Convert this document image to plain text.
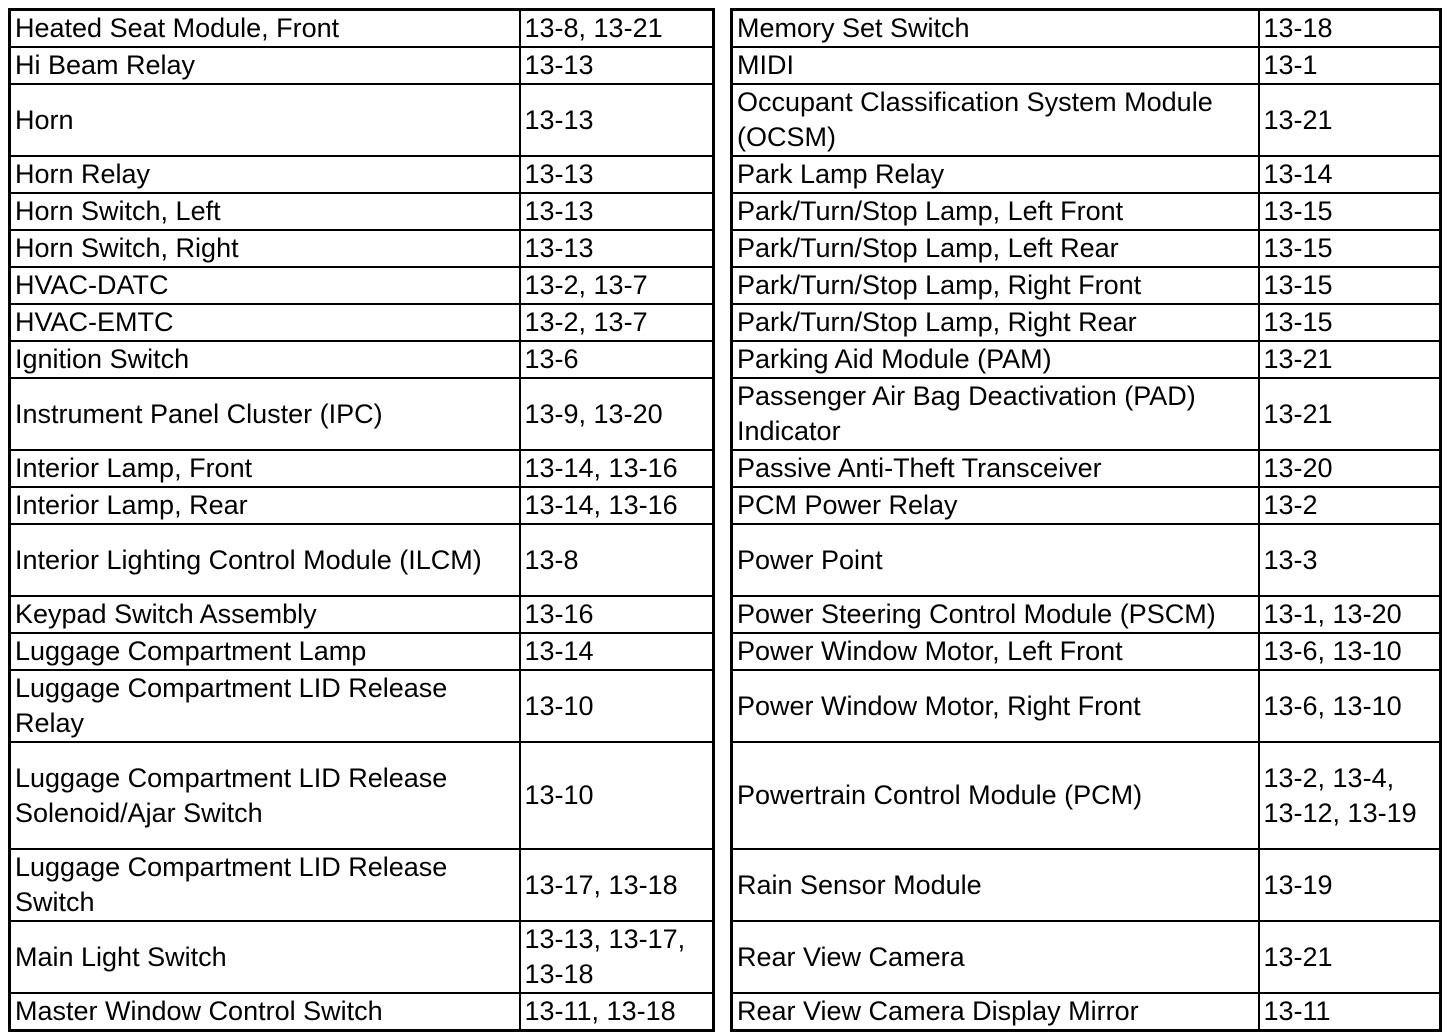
Heated Seat Module, Front	13-8, 13-21
Hi Beam Relay	13-13
Horn	13-13
Horn Relay	13-13
Horn Switch, Left	13-13
Horn Switch, Right	13-13
HVAC-DATC	13-2, 13-7
HVAC-EMTC	13-2, 13-7
Ignition Switch	13-6
Instrument Panel Cluster (IPC)	13-9, 13-20
Interior Lamp, Front	13-14, 13-16
Interior Lamp, Rear	13-14, 13-16
Interior Lighting Control Module (ILCM)	13-8
Keypad Switch Assembly	13-16
Luggage Compartment Lamp	13-14
Luggage Compartment LID Release Relay	13-10
Luggage Compartment LID Release Solenoid/Ajar Switch	13-10
Luggage Compartment LID Release Switch	13-17, 13-18
Main Light Switch	13-13, 13-17, 13-18
Master Window Control Switch	13-11, 13-18
Memory Set Switch	13-18
MIDI	13-1
Occupant Classification System Module (OCSM)	13-21
Park Lamp Relay	13-14
Park/Turn/Stop Lamp, Left Front	13-15
Park/Turn/Stop Lamp, Left Rear	13-15
Park/Turn/Stop Lamp, Right Front	13-15
Park/Turn/Stop Lamp, Right Rear	13-15
Parking Aid Module (PAM)	13-21
Passenger Air Bag Deactivation (PAD) Indicator	13-21
Passive Anti-Theft Transceiver	13-20
PCM Power Relay	13-2
Power Point	13-3
Power Steering Control Module (PSCM)	13-1, 13-20
Power Window Motor, Left Front	13-6, 13-10
Power Window Motor, Right Front	13-6, 13-10
Powertrain Control Module (PCM)	13-2, 13-4, 13-12, 13-19
Rain Sensor Module	13-19
Rear View Camera	13-21
Rear View Camera Display Mirror	13-11
